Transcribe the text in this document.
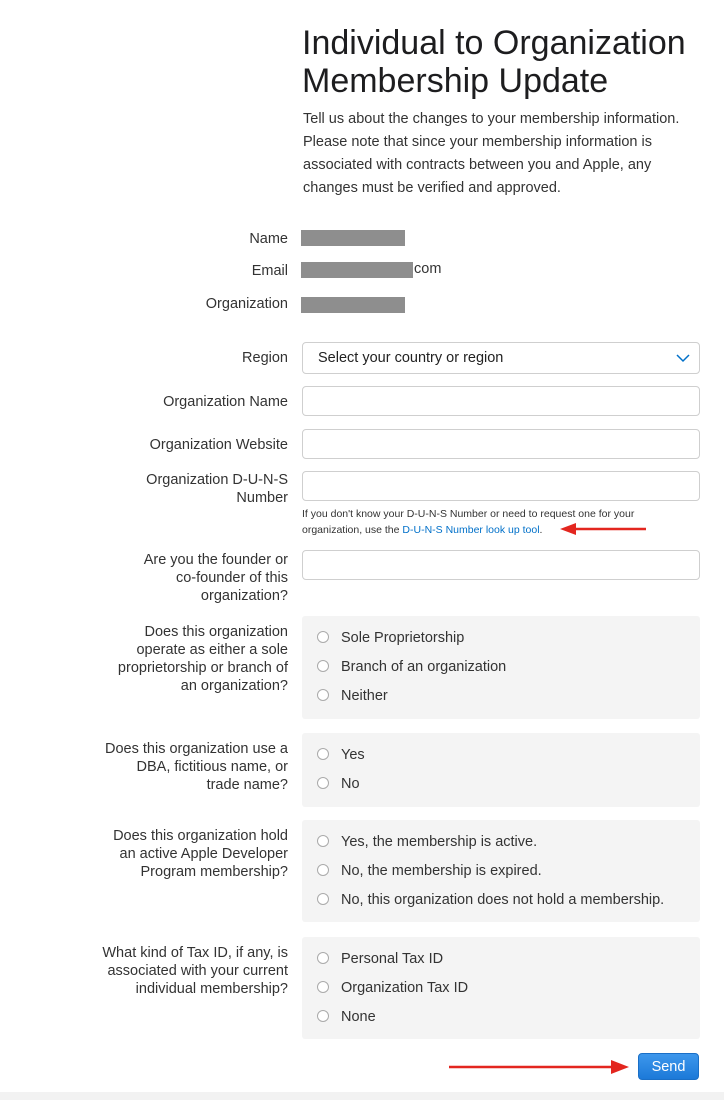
Individual to Organization Membership Update

Tell us about the changes to your membership information. Please note that since your membership information is associated with contracts between you and Apple, any changes must be verified and approved.

Name
Email	com
Organization
Region Select your country or region
Organization Name
Organization Website
Organization D-U-N-S
Number
If you don't know your D-U-N-S Number or need to request one for your organization, use the D-U-N-S Number look up tool.
Are you the founder or
co-founder of this
organization?
Does this organization
operate as either a sole
proprietorship or branch of
an organization?
Sole Proprietorship
Branch of an organization
Neither
Does this organization use a
DBA, fictitious name, or
trade name?
Yes
No
Does this organization hold
an active Apple Developer
Program membership?
Yes, the membership is active.
No, the membership is expired.
No, this organization does not hold a membership.
What kind of Tax ID, if any, is
associated with your current
individual membership?
Personal Tax ID
Organization Tax ID
None
Send
